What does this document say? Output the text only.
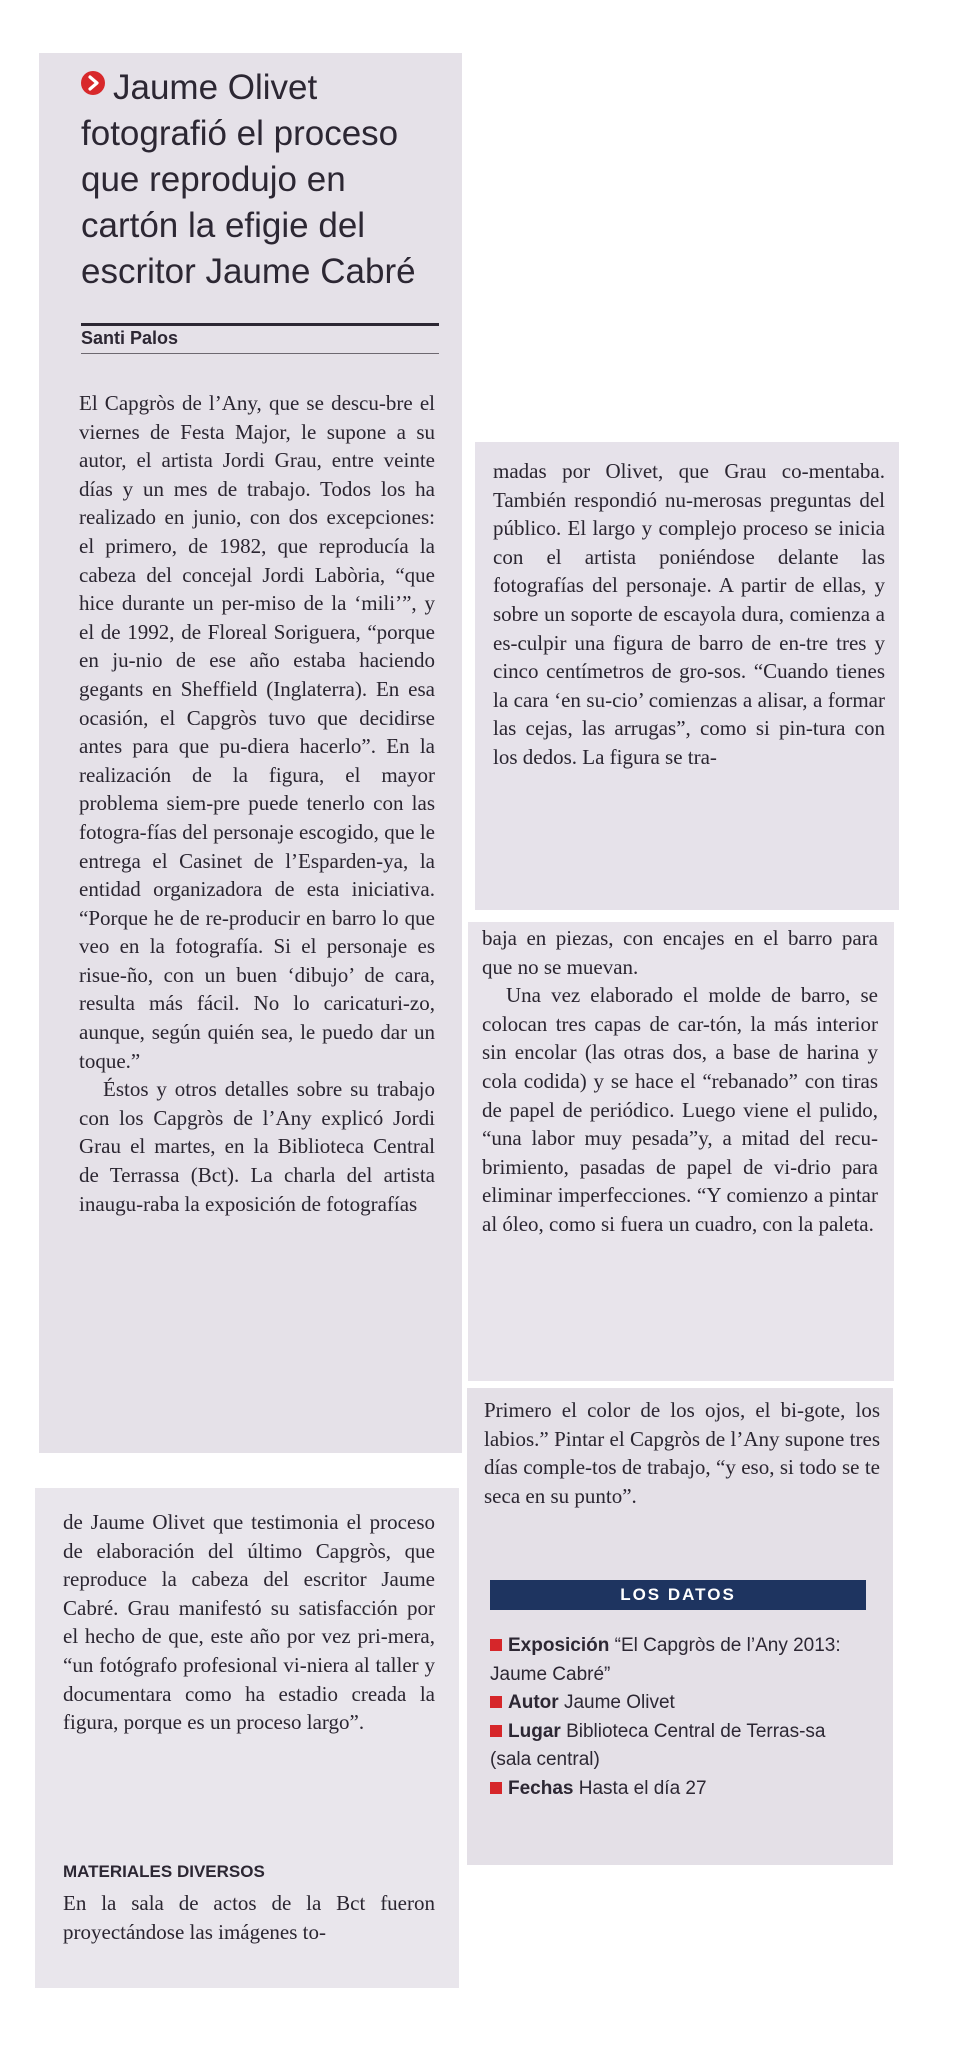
Jaume Olivet fotografió el proceso que reprodujo en cartón la efigie del escritor Jaume Cabré
Santi Palos

El Capgròs de l’Any, que se descu-bre el viernes de Festa Major, le supone a su autor, el artista Jordi Grau, entre veinte días y un mes de trabajo. Todos los ha realizado en junio, con dos excepciones: el primero, de 1982, que reproducía la cabeza del concejal Jordi Labòria, “que hice durante un per-miso de la ‘mili’”, y el de 1992, de Floreal Soriguera, “porque en ju-nio de ese año estaba haciendo gegants en Sheffield (Inglaterra). En esa ocasión, el Capgròs tuvo que decidirse antes para que pu-diera hacerlo”. En la realización de la figura, el mayor problema siem-pre puede tenerlo con las fotogra-fías del personaje escogido, que le entrega el Casinet de l’Esparden-ya, la entidad organizadora de esta iniciativa. “Porque he de re-producir en barro lo que veo en la fotografía. Si el personaje es risue-ño, con un buen ‘dibujo’ de cara, resulta más fácil. No lo caricaturi-zo, aunque, según quién sea, le puedo dar un toque.”

Éstos y otros detalles sobre su trabajo con los Capgròs de l’Any explicó Jordi Grau el martes, en la Biblioteca Central de Terrassa (Bct). La charla del artista inaugu-raba la exposición de fotografías

de Jaume Olivet que testimonia el proceso de elaboración del último Capgròs, que reproduce la cabeza del escritor Jaume Cabré. Grau manifestó su satisfacción por el hecho de que, este año por vez pri-mera, “un fotógrafo profesional vi-niera al taller y documentara como ha estadio creada la figura, porque es un proceso largo”.

MATERIALES DIVERSOS

En la sala de actos de la Bct fueron proyectándose las imágenes to-

madas por Olivet, que Grau co-mentaba. También respondió nu-merosas preguntas del público. El largo y complejo proceso se inicia con el artista poniéndose delante las fotografías del personaje. A partir de ellas, y sobre un soporte de escayola dura, comienza a es-culpir una figura de barro de en-tre tres y cinco centímetros de gro-sos. “Cuando tienes la cara ‘en su-cio’ comienzas a alisar, a formar las cejas, las arrugas”, como si pin-tura con los dedos. La figura se tra-

baja en piezas, con encajes en el barro para que no se muevan.

Una vez elaborado el molde de barro, se colocan tres capas de car-tón, la más interior sin encolar (las otras dos, a base de harina y cola codida) y se hace el “rebanado” con tiras de papel de periódico. Luego viene el pulido, “una labor muy pesada”y, a mitad del recu-brimiento, pasadas de papel de vi-drio para eliminar imperfecciones. “Y comienzo a pintar al óleo, como si fuera un cuadro, con la paleta.

Primero el color de los ojos, el bi-gote, los labios.” Pintar el Capgròs de l’Any supone tres días comple-tos de trabajo, “y eso, si todo se te seca en su punto”.

LOS DATOS

Exposición “El Capgròs de l’Any 2013: Jaume Cabré”

Autor Jaume Olivet

Lugar Biblioteca Central de Terras-sa (sala central)

Fechas Hasta el día 27
